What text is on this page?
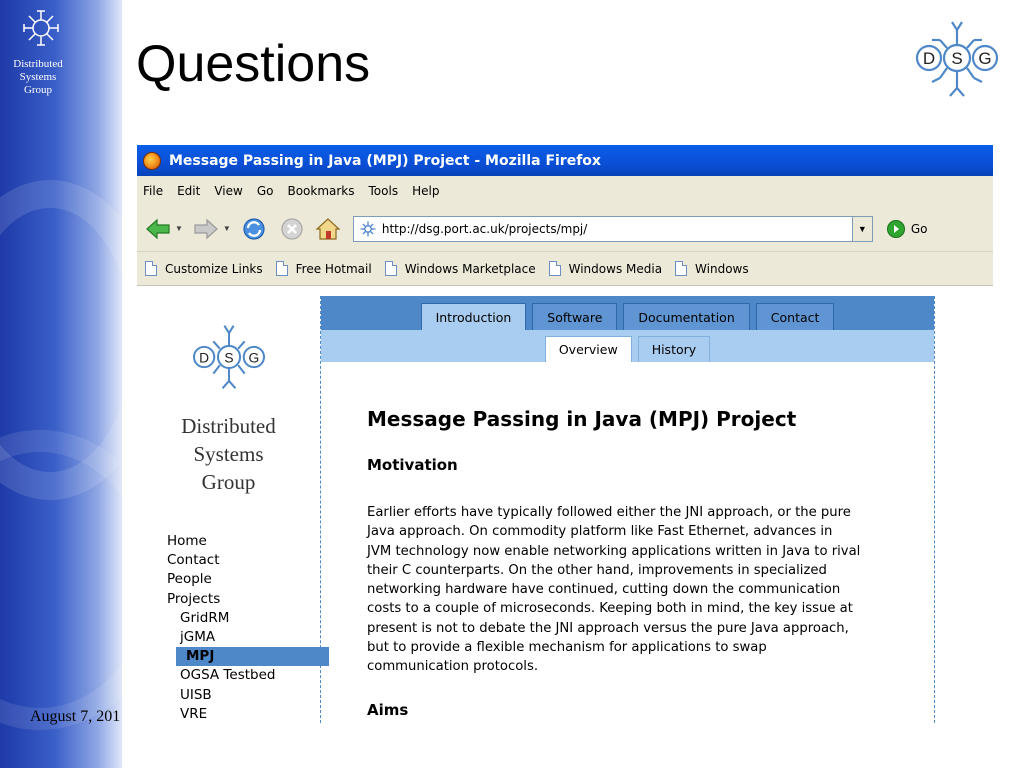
Distributed
Systems
Group	Questions	D S G
August 7, 201
Message Passing in Java (MPJ) Project - Mozilla Firefox
File Edit View Go Bookmarks Tools Help
▼	▼	http://dsg.port.ac.uk/projects/mpj/	▼	Go
Customize Links	Free Hotmail	Windows Marketplace	Windows Media	Windows
D S G
Distributed
Systems
Group
Home
Contact
People
Projects
GridRM
jGMA
MPJ
OGSA Testbed
UISB
VRE
Introduction	Software	Documentation	Contact
Overview	History
Message Passing in Java (MPJ) Project
Motivation

Earlier efforts have typically followed either the JNI approach, or the pure
Java approach. On commodity platform like Fast Ethernet, advances in
JVM technology now enable networking applications written in Java to rival
their C counterparts. On the other hand, improvements in specialized
networking hardware have continued, cutting down the communication
costs to a couple of microseconds. Keeping both in mind, the key issue at
present is not to debate the JNI approach versus the pure Java approach,
but to provide a flexible mechanism for applications to swap
communication protocols.

Aims
